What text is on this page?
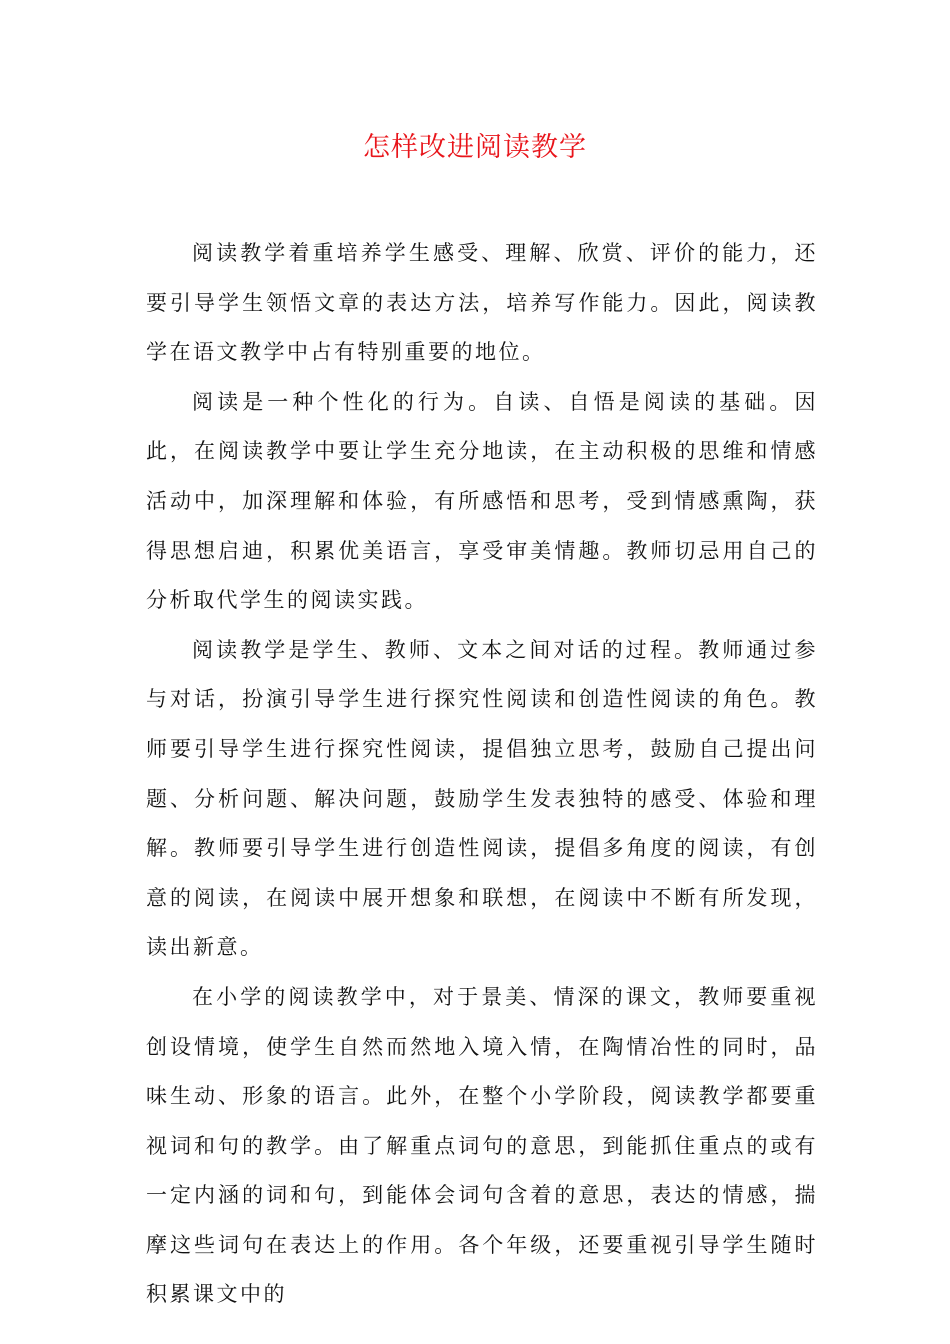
怎样改进阅读教学

阅读教学着重培养学生感受、理解、欣赏、评价的能力，还要引导学生领悟文章的表达方法，培养写作能力。因此，阅读教学在语文教学中占有特别重要的地位。

阅读是一种个性化的行为。自读、自悟是阅读的基础。因此，在阅读教学中要让学生充分地读，在主动积极的思维和情感活动中，加深理解和体验，有所感悟和思考，受到情感熏陶，获得思想启迪，积累优美语言，享受审美情趣。教师切忌用自己的分析取代学生的阅读实践。

阅读教学是学生、教师、文本之间对话的过程。教师通过参与对话，扮演引导学生进行探究性阅读和创造性阅读的角色。教师要引导学生进行探究性阅读，提倡独立思考，鼓励自己提出问题、分析问题、解决问题，鼓励学生发表独特的感受、体验和理解。教师要引导学生进行创造性阅读，提倡多角度的阅读，有创意的阅读，在阅读中展开想象和联想，在阅读中不断有所发现，读出新意。

在小学的阅读教学中，对于景美、情深的课文，教师要重视创设情境，使学生自然而然地入境入情，在陶情冶性的同时，品味生动、形象的语言。此外，在整个小学阶段，阅读教学都要重视词和句的教学。由了解重点词句的意思，到能抓住重点的或有一定内涵的词和句，到能体会词句含着的意思，表达的情感，揣摩这些词句在表达上的作用。各个年级，还要重视引导学生随时积累课文中的
